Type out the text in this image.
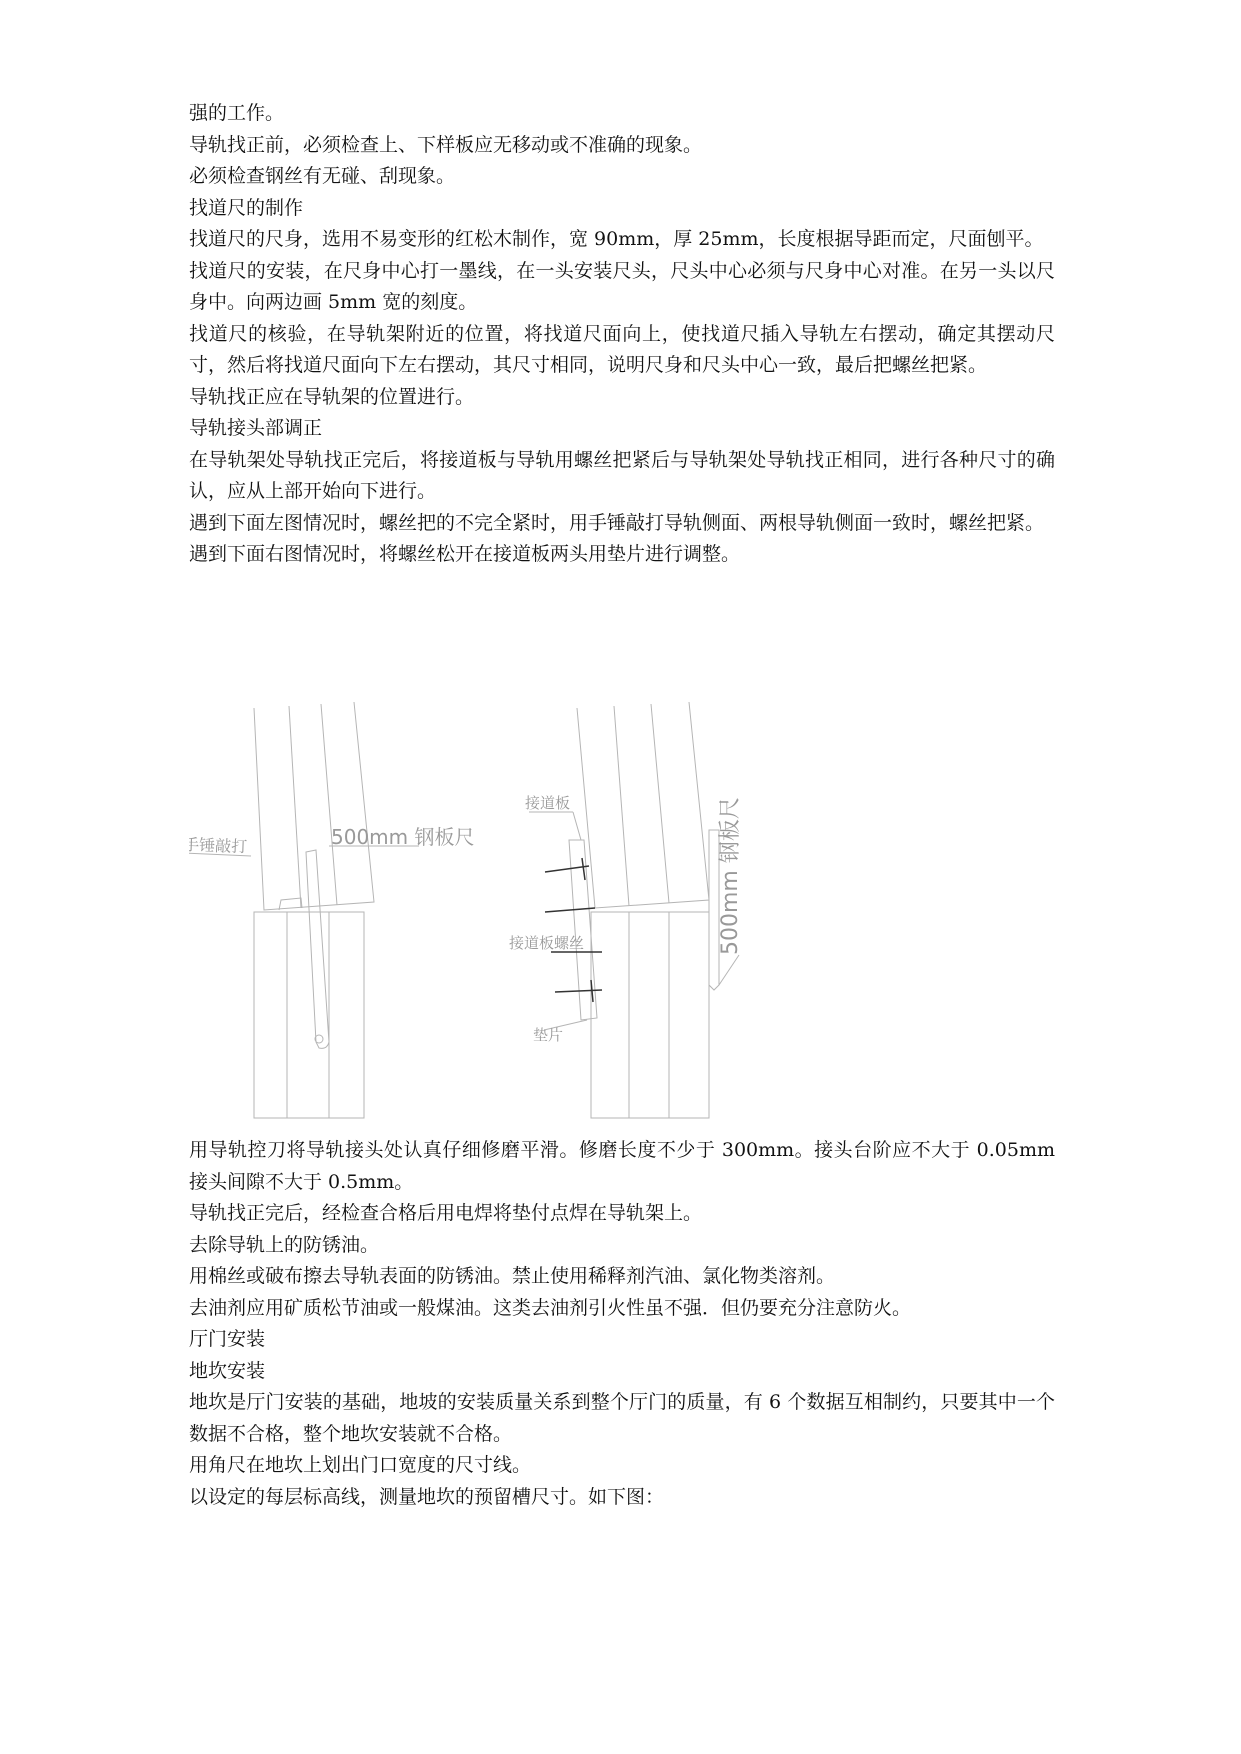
强的工作。

导轨找正前，必须检查上、下样板应无移动或不准确的现象。

必须检查钢丝有无碰、刮现象。

找道尺的制作

找道尺的尺身，选用不易变形的红松木制作，宽 90mm，厚 25mm，长度根据导距而定，尺面刨平。

找道尺的安装，在尺身中心打一墨线，在一头安装尺头，尺头中心必须与尺身中心对准。在另一头以尺身中。向两边画 5mm 宽的刻度。

找道尺的核验，在导轨架附近的位置，将找道尺面向上，使找道尺插入导轨左右摆动，确定其摆动尺寸，然后将找道尺面向下左右摆动，其尺寸相同，说明尺身和尺头中心一致，最后把螺丝把紧。

导轨找正应在导轨架的位置进行。

导轨接头部调正

在导轨架处导轨找正完后，将接道板与导轨用螺丝把紧后与导轨架处导轨找正相同，进行各种尺寸的确认，应从上部开始向下进行。

遇到下面左图情况时，螺丝把的不完全紧时，用手锤敲打导轨侧面、两根导轨侧面一致时，螺丝把紧。

遇到下面右图情况时，将螺丝松开在接道板两头用垫片进行调整。

手锤敲打	500mm 钢板尺
接道板
接道板螺丝
垫片
500mm 钢板尺

用导轨控刀将导轨接头处认真仔细修磨平滑。修磨长度不少于 300mm。接头台阶应不大于 0.05mm 接头间隙不大于 0.5mm。

导轨找正完后，经检查合格后用电焊将垫付点焊在导轨架上。

去除导轨上的防锈油。

用棉丝或破布擦去导轨表面的防锈油。禁止使用稀释剂汽油、氯化物类溶剂。

去油剂应用矿质松节油或一般煤油。这类去油剂引火性虽不强．但仍要充分注意防火。

厅门安装

地坎安装

地坎是厅门安装的基础，地坡的安装质量关系到整个厅门的质量，有 6 个数据互相制约，只要其中一个数据不合格，整个地坎安装就不合格。

用角尺在地坎上划出门口宽度的尺寸线。

以设定的每层标高线，测量地坎的预留槽尺寸。如下图：
